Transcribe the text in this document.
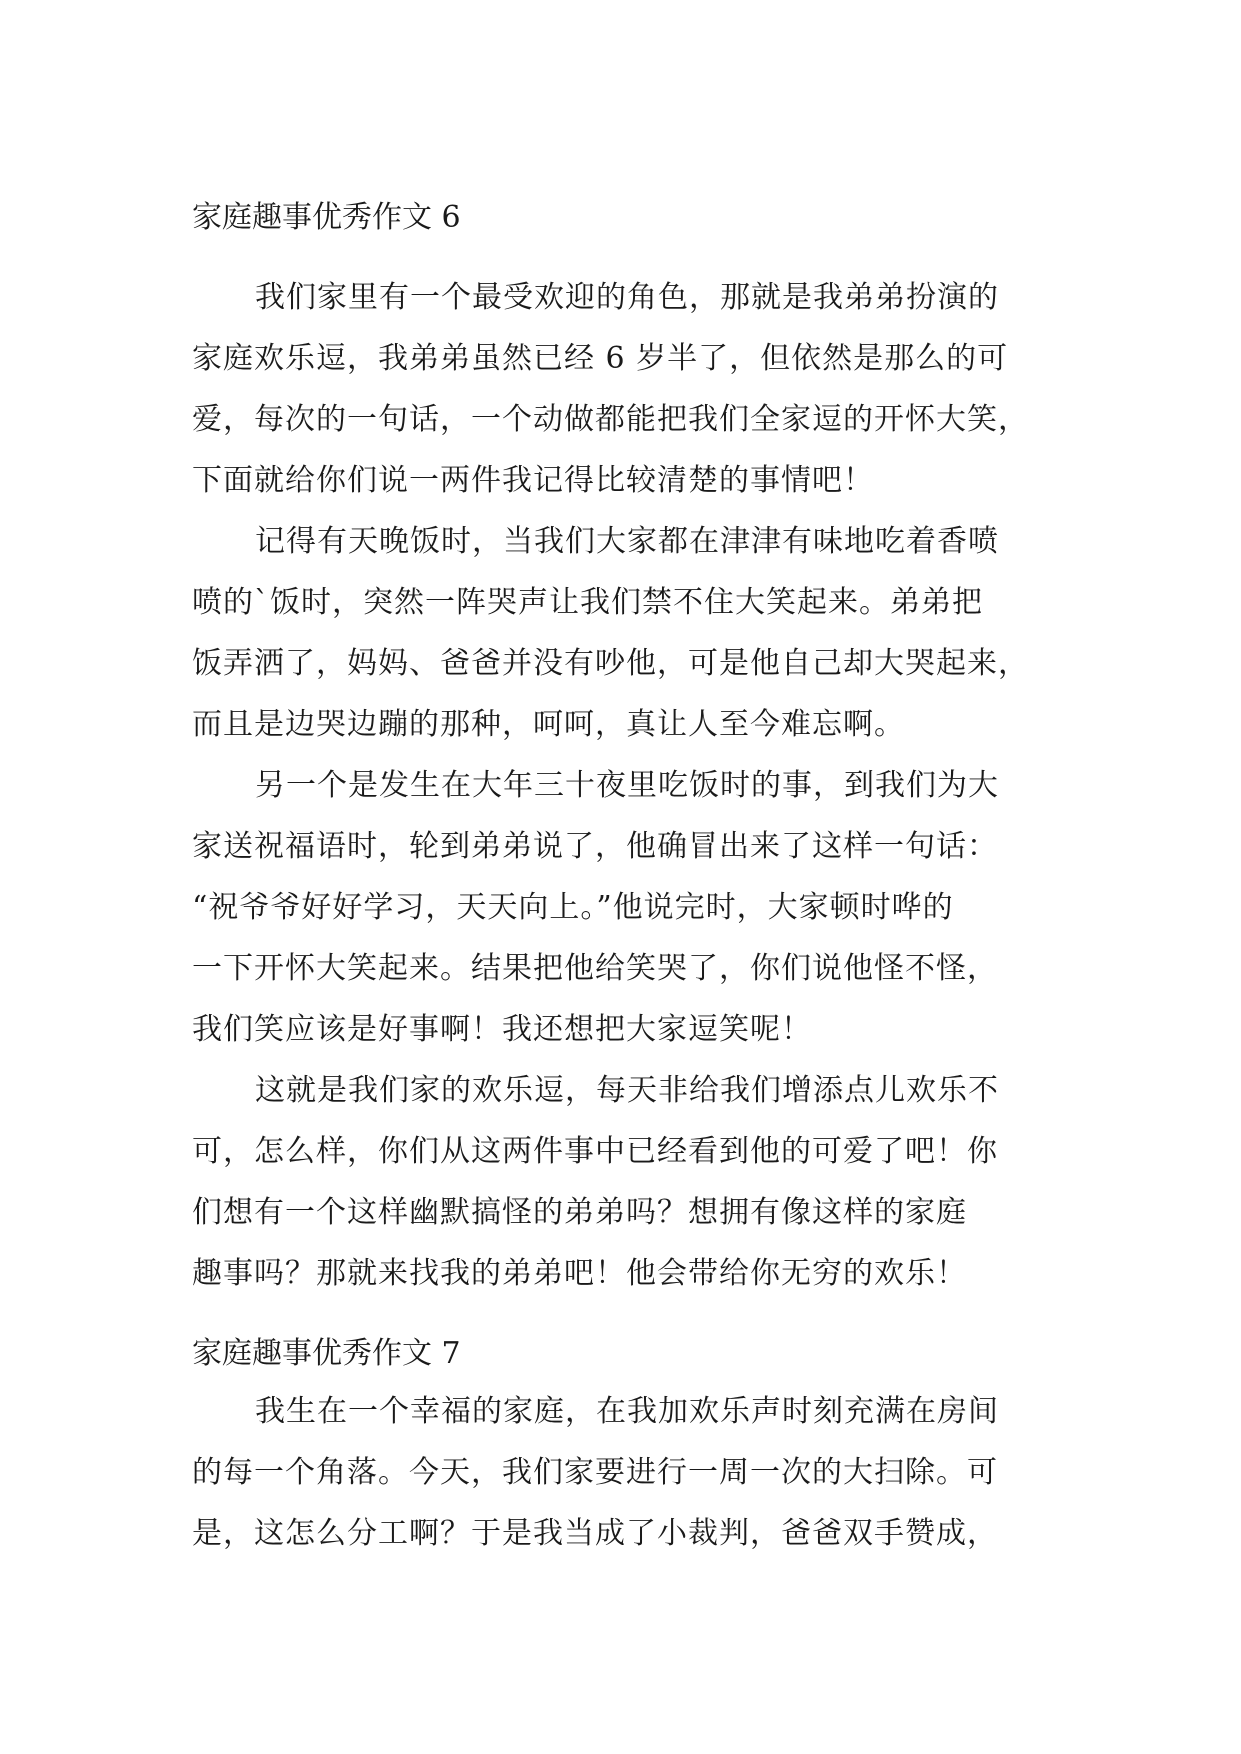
家庭趣事优秀作文 6

我们家里有一个最受欢迎的角色，那就是我弟弟扮演的

家庭欢乐逗，我弟弟虽然已经 6 岁半了，但依然是那么的可

爱，每次的一句话，一个动做都能把我们全家逗的开怀大笑，

下面就给你们说一两件我记得比较清楚的事情吧！

记得有天晚饭时，当我们大家都在津津有味地吃着香喷

喷的`饭时，突然一阵哭声让我们禁不住大笑起来。弟弟把

饭弄洒了，妈妈、爸爸并没有吵他，可是他自己却大哭起来，

而且是边哭边蹦的那种，呵呵，真让人至今难忘啊。

另一个是发生在大年三十夜里吃饭时的事，到我们为大

家送祝福语时，轮到弟弟说了，他确冒出来了这样一句话：

“祝爷爷好好学习，天天向上。”他说完时，大家顿时哗的

一下开怀大笑起来。结果把他给笑哭了，你们说他怪不怪，

我们笑应该是好事啊！我还想把大家逗笑呢！

这就是我们家的欢乐逗，每天非给我们增添点儿欢乐不

可，怎么样，你们从这两件事中已经看到他的可爱了吧！你

们想有一个这样幽默搞怪的弟弟吗？想拥有像这样的家庭

趣事吗？那就来找我的弟弟吧！他会带给你无穷的欢乐！

家庭趣事优秀作文 7

我生在一个幸福的家庭，在我加欢乐声时刻充满在房间

的每一个角落。今天，我们家要进行一周一次的大扫除。可

是，这怎么分工啊？于是我当成了小裁判，爸爸双手赞成，
